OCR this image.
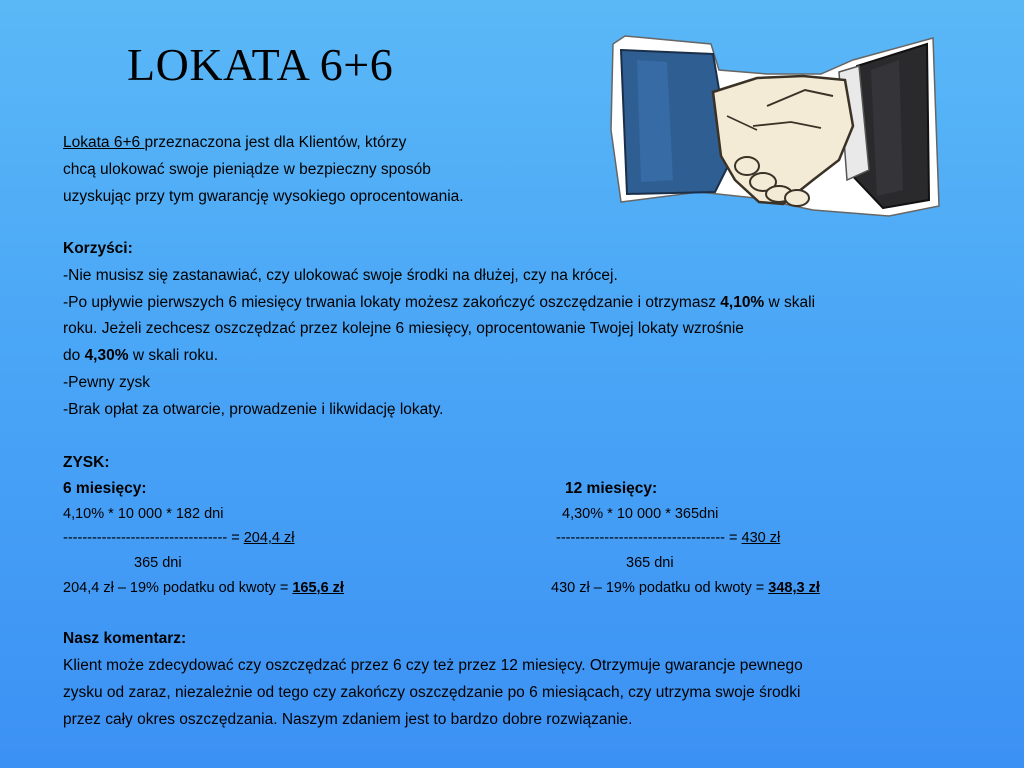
LOKATA 6+6
Lokata 6+6 przeznaczona jest dla Klientów, którzy
chcą ulokować swoje pieniądze w bezpieczny sposób
uzyskując przy tym gwarancję wysokiego oprocentowania.
Korzyści:
-Nie musisz się zastanawiać, czy ulokować swoje środki na dłużej, czy na krócej.
-Po upływie pierwszych 6 miesięcy trwania lokaty możesz zakończyć oszczędzanie i otrzymasz 4,10% w skali
roku. Jeżeli zechcesz oszczędzać przez kolejne 6 miesięcy, oprocentowanie Twojej lokaty wzrośnie
do 4,30% w skali roku.
-Pewny zysk
-Brak opłat za otwarcie, prowadzenie i likwidację lokaty.
ZYSK:
6 miesięcy:	12 miesięcy:
4,10% * 10 000 * 182 dni	4,30% * 10 000 * 365dni
---------------------------------- = 204,4 zł	----------------------------------- = 430 zł
365 dni	365 dni
204,4 zł – 19% podatku od kwoty = 165,6 zł	430 zł – 19% podatku od kwoty = 348,3 zł
Nasz komentarz:
Klient może zdecydować czy oszczędzać przez 6 czy też przez 12 miesięcy. Otrzymuje gwarancje pewnego
zysku od zaraz, niezależnie od tego czy zakończy oszczędzanie po 6 miesiącach, czy utrzyma swoje środki
przez cały okres oszczędzania. Naszym zdaniem jest to bardzo dobre rozwiązanie.
